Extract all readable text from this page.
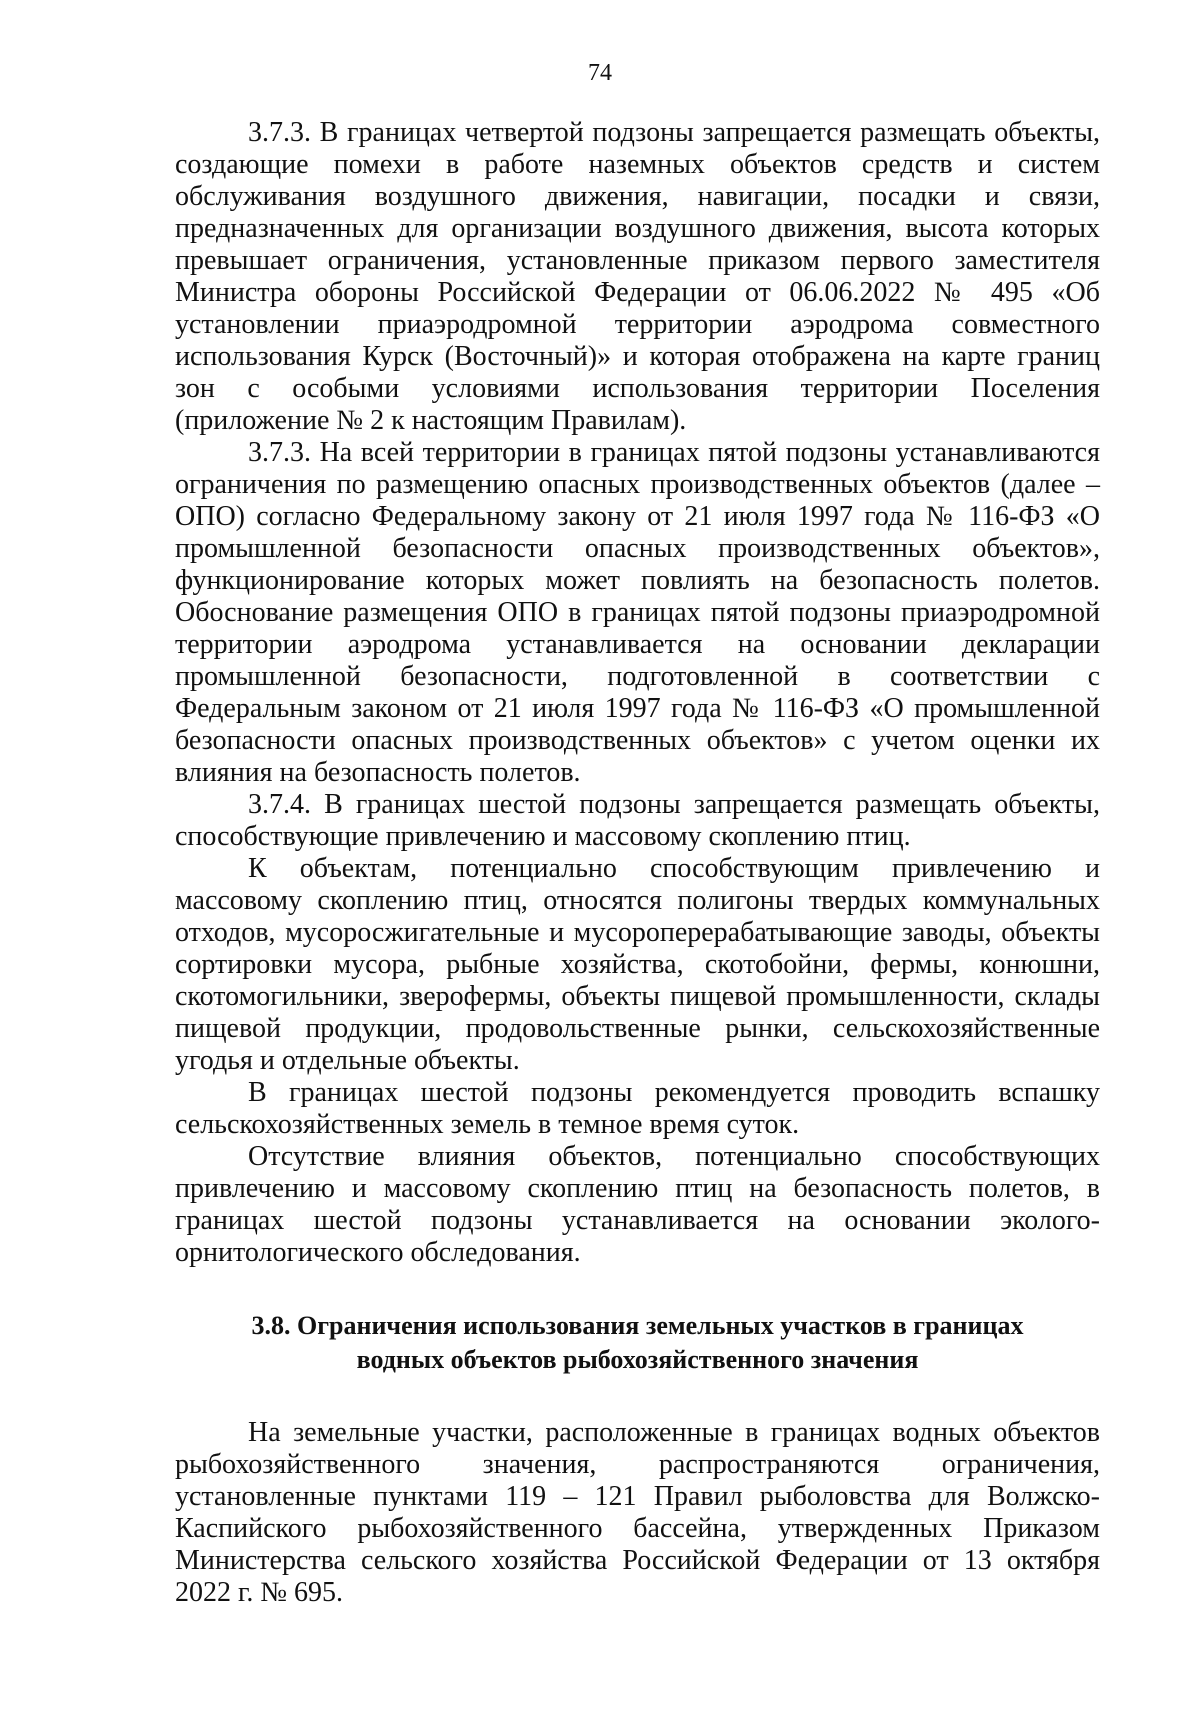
74

3.7.3. В границах четвертой подзоны запрещается размещать объекты, создающие помехи в работе наземных объектов средств и систем обслуживания воздушного движения, навигации, посадки и связи, предназначенных для организации воздушного движения, высота которых превышает ограничения, установленные приказом первого заместителя Министра обороны Российской Федерации от 06.06.2022 № 495 «Об установлении приаэродромной территории аэродрома совместного использования Курск (Восточный)» и которая отображена на карте границ зон с особыми условиями использования территории Поселения (приложение № 2 к настоящим Правилам).

3.7.3. На всей территории в границах пятой подзоны устанавливаются ограничения по размещению опасных производственных объектов (далее – ОПО) согласно Федеральному закону от 21 июля 1997 года № 116-ФЗ «О промышленной безопасности опасных производственных объектов», функционирование которых может повлиять на безопасность полетов. Обоснование размещения ОПО в границах пятой подзоны приаэродромной территории аэродрома устанавливается на основании декларации промышленной безопасности, подготовленной в соответствии с Федеральным законом от 21 июля 1997 года № 116-ФЗ «О промышленной безопасности опасных производственных объектов» с учетом оценки их влияния на безопасность полетов.

3.7.4. В границах шестой подзоны запрещается размещать объекты, способствующие привлечению и массовому скоплению птиц.

К объектам, потенциально способствующим привлечению и массовому скоплению птиц, относятся полигоны твердых коммунальных отходов, мусоросжигательные и мусороперерабатывающие заводы, объекты сортировки мусора, рыбные хозяйства, скотобойни, фермы, конюшни, скотомогильники, зверофермы, объекты пищевой промышленности, склады пищевой продукции, продовольственные рынки, сельскохозяйственные угодья и отдельные объекты.

В границах шестой подзоны рекомендуется проводить вспашку сельскохозяйственных земель в темное время суток.

Отсутствие влияния объектов, потенциально способствующих привлечению и массовому скоплению птиц на безопасность полетов, в границах шестой подзоны устанавливается на основании эколого-орнитологического обследования.

3.8. Ограничения использования земельных участков в границах
водных объектов рыбохозяйственного значения

На земельные участки, расположенные в границах водных объектов рыбохозяйственного значения, распространяются ограничения, установленные пунктами 119 – 121 Правил рыболовства для Волжско-Каспийского рыбохозяйственного бассейна, утвержденных Приказом Министерства сельского хозяйства Российской Федерации от 13 октября 2022 г. № 695.
